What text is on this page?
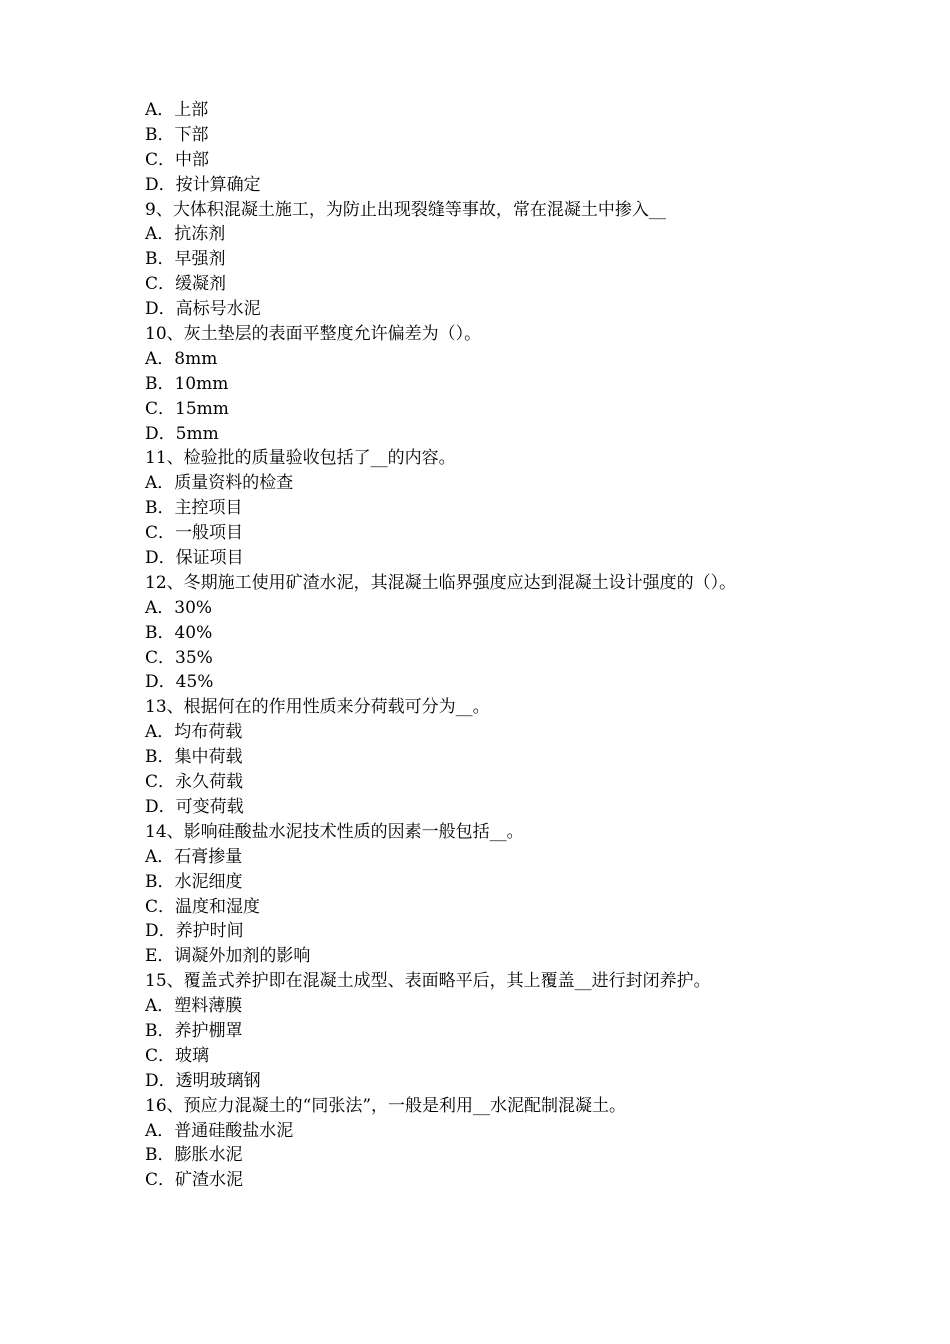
A．上部
B．下部
C．中部
D．按计算确定
9、大体积混凝土施工，为防止出现裂缝等事故，常在混凝土中掺入__
A．抗冻剂
B．早强剂
C．缓凝剂
D．高标号水泥
10、灰土垫层的表面平整度允许偏差为（）。
A．8mm
B．10mm
C．15mm
D．5mm
11、检验批的质量验收包括了__的内容。
A．质量资料的检查
B．主控项目
C．一般项目
D．保证项目
12、冬期施工使用矿渣水泥，其混凝土临界强度应达到混凝土设计强度的（）。
A．30%
B．40%
C．35%
D．45%
13、根据何在的作用性质来分荷载可分为__。
A．均布荷载
B．集中荷载
C．永久荷载
D．可变荷载
14、影响硅酸盐水泥技术性质的因素一般包括__。
A．石膏掺量
B．水泥细度
C．温度和湿度
D．养护时间
E．调凝外加剂的影响
15、覆盖式养护即在混凝土成型、表面略平后，其上覆盖__进行封闭养护。
A．塑料薄膜
B．养护棚罩
C．玻璃
D．透明玻璃钢
16、预应力混凝土的“同张法”，一般是利用__水泥配制混凝土。
A．普通硅酸盐水泥
B．膨胀水泥
C．矿渣水泥
